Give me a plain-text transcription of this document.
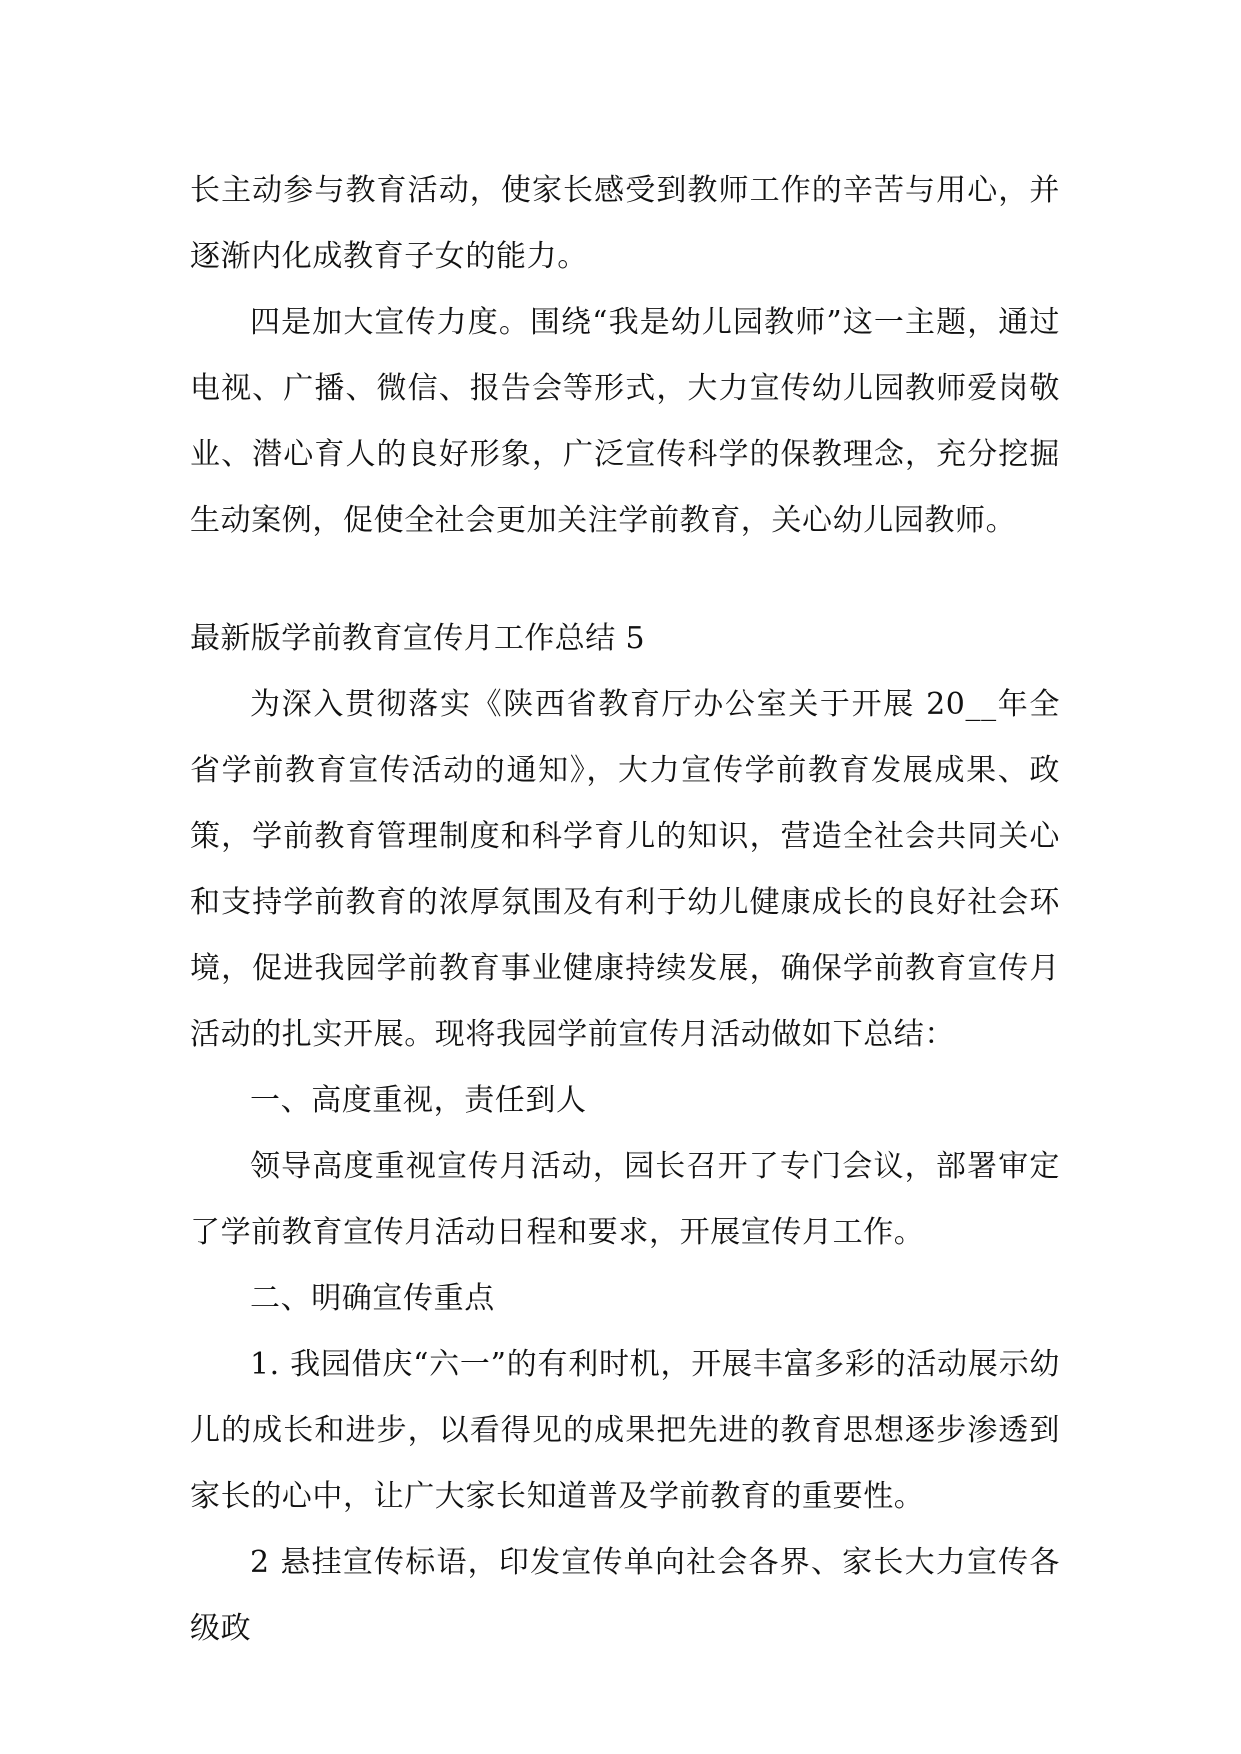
长主动参与教育活动，使家长感受到教师工作的辛苦与用心，并逐渐内化成教育子女的能力。

四是加大宣传力度。围绕“我是幼儿园教师”这一主题，通过电视、广播、微信、报告会等形式，大力宣传幼儿园教师爱岗敬业、潜心育人的良好形象，广泛宣传科学的保教理念，充分挖掘生动案例，促使全社会更加关注学前教育，关心幼儿园教师。

最新版学前教育宣传月工作总结 5

为深入贯彻落实《陕西省教育厅办公室关于开展 20__年全省学前教育宣传活动的通知》，大力宣传学前教育发展成果、政策，学前教育管理制度和科学育儿的知识，营造全社会共同关心和支持学前教育的浓厚氛围及有利于幼儿健康成长的良好社会环境，促进我园学前教育事业健康持续发展，确保学前教育宣传月活动的扎实开展。现将我园学前宣传月活动做如下总结：

一、高度重视，责任到人

领导高度重视宣传月活动，园长召开了专门会议，部署审定了学前教育宣传月活动日程和要求，开展宣传月工作。

二、明确宣传重点

1. 我园借庆“六一”的有利时机，开展丰富多彩的活动展示幼儿的成长和进步，以看得见的成果把先进的教育思想逐步渗透到家长的心中，让广大家长知道普及学前教育的重要性。

2 悬挂宣传标语，印发宣传单向社会各界、家长大力宣传各级政
